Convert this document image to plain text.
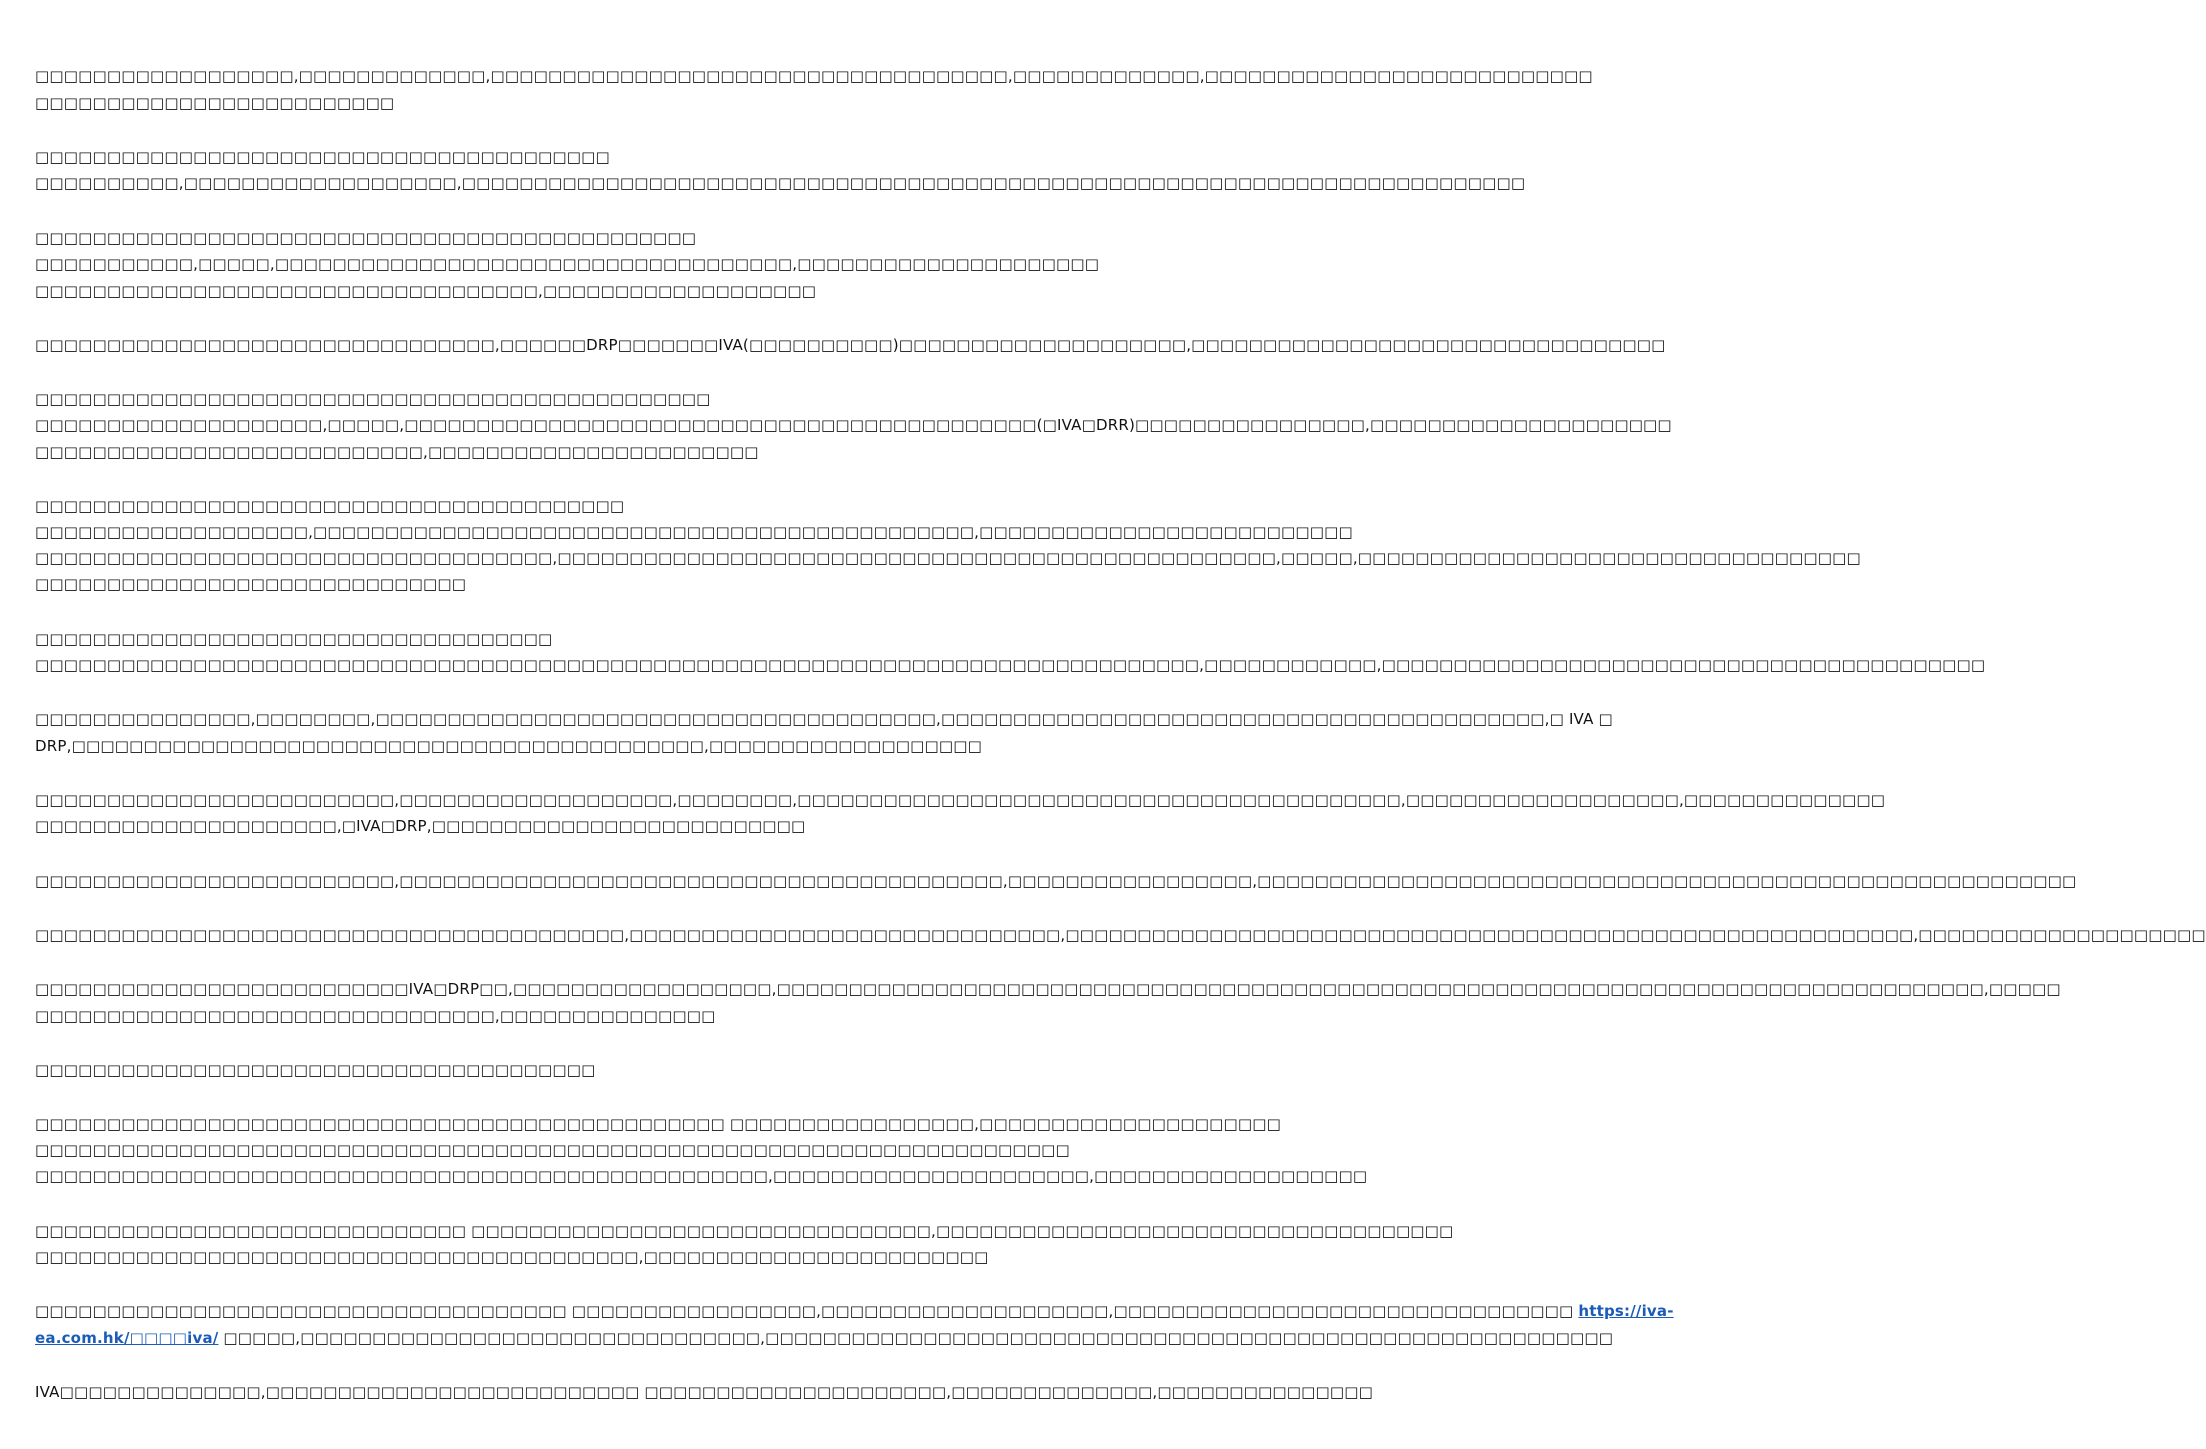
□□□□□□□□□□□□□□□□□□,□□□□□□□□□□□□□,□□□□□□□□□□□□□□□□□□□□□□□□□□□□□□□□□□□□,□□□□□□□□□□□□□,□□□□□□□□□□□□□□□□□□□□□□□□□□□
□□□□□□□□□□□□□□□□□□□□□□□□□
□□□□□□□□□□□□□□□□□□□□□□□□□□□□□□□□□□□□□□□□
□□□□□□□□□□,□□□□□□□□□□□□□□□□□□□,□□□□□□□□□□□□□□□□□□□□□□□□□□□□□□□□□□□□□□□□□□□□□□□□□□□□□□□□□□□□□□□□□□□□□□□□□□
□□□□□□□□□□□□□□□□□□□□□□□□□□□□□□□□□□□□□□□□□□□□□□
□□□□□□□□□□□,□□□□□,□□□□□□□□□□□□□□□□□□□□□□□□□□□□□□□□□□□□,□□□□□□□□□□□□□□□□□□□□□
□□□□□□□□□□□□□□□□□□□□□□□□□□□□□□□□□□□,□□□□□□□□□□□□□□□□□□□
□□□□□□□□□□□□□□□□□□□□□□□□□□□□□□□□,□□□□□□DRP□□□□□□□IVA(□□□□□□□□□□)□□□□□□□□□□□□□□□□□□□□,□□□□□□□□□□□□□□□□□□□□□□□□□□□□□□□□□
□□□□□□□□□□□□□□□□□□□□□□□□□□□□□□□□□□□□□□□□□□□□□□□
□□□□□□□□□□□□□□□□□□□□,□□□□□,□□□□□□□□□□□□□□□□□□□□□□□□□□□□□□□□□□□□□□□□□□□□(□IVA□DRR)□□□□□□□□□□□□□□□□,□□□□□□□□□□□□□□□□□□□□□
□□□□□□□□□□□□□□□□□□□□□□□□□□□,□□□□□□□□□□□□□□□□□□□□□□□
□□□□□□□□□□□□□□□□□□□□□□□□□□□□□□□□□□□□□□□□□
□□□□□□□□□□□□□□□□□□□,□□□□□□□□□□□□□□□□□□□□□□□□□□□□□□□□□□□□□□□□□□□□□□,□□□□□□□□□□□□□□□□□□□□□□□□□□
□□□□□□□□□□□□□□□□□□□□□□□□□□□□□□□□□□□□,□□□□□□□□□□□□□□□□□□□□□□□□□□□□□□□□□□□□□□□□□□□□□□□□□□,□□□□□,□□□□□□□□□□□□□□□□□□□□□□□□□□□□□□□□□□□
□□□□□□□□□□□□□□□□□□□□□□□□□□□□□□
□□□□□□□□□□□□□□□□□□□□□□□□□□□□□□□□□□□□
□□□□□□□□□□□□□□□□□□□□□□□□□□□□□□□□□□□□□□□□□□□□□□□□□□□□□□□□□□□□□□□□□□□□□□□□□□□□□□□□□,□□□□□□□□□□□□,□□□□□□□□□□□□□□□□□□□□□□□□□□□□□□□□□□□□□□□□□□
□□□□□□□□□□□□□□□,□□□□□□□□,□□□□□□□□□□□□□□□□□□□□□□□□□□□□□□□□□□□□□□□,□□□□□□□□□□□□□□□□□□□□□□□□□□□□□□□□□□□□□□□□□□,□ IVA □
DRP,□□□□□□□□□□□□□□□□□□□□□□□□□□□□□□□□□□□□□□□□□□□□,□□□□□□□□□□□□□□□□□□□
□□□□□□□□□□□□□□□□□□□□□□□□□,□□□□□□□□□□□□□□□□□□□,□□□□□□□□,□□□□□□□□□□□□□□□□□□□□□□□□□□□□□□□□□□□□□□□□□□,□□□□□□□□□□□□□□□□□□□,□□□□□□□□□□□□□□
□□□□□□□□□□□□□□□□□□□□□,□IVA□DRP,□□□□□□□□□□□□□□□□□□□□□□□□□□
□□□□□□□□□□□□□□□□□□□□□□□□□,□□□□□□□□□□□□□□□□□□□□□□□□□□□□□□□□□□□□□□□□□□,□□□□□□□□□□□□□□□□□,□□□□□□□□□□□□□□□□□□□□□□□□□□□□□□□□□□□□□□□□□□□□□□□□□□□□□□□□□
□□□□□□□□□□□□□□□□□□□□□□□□□□□□□□□□□□□□□□□□□,□□□□□□□□□□□□□□□□□□□□□□□□□□□□□□,□□□□□□□□□□□□□□□□□□□□□□□□□□□□□□□□□□□□□□□□□□□□□□□□□□□□□□□□□□□,□□□□□□□□□□□□□□□□□□□□
□□□□□□□□□□□□□□□□□□□□□□□□□□IVA□DRP□□,□□□□□□□□□□□□□□□□□□,□□□□□□□□□□□□□□□□□□□□□□□□□□□□□□□□□□□□□□□□□□□□□□□□□□□□□□□□□□□□□□□□□□□□□□□□□□□□□□□□□□□□,□□□□□
□□□□□□□□□□□□□□□□□□□□□□□□□□□□□□□□,□□□□□□□□□□□□□□□
□□□□□□□□□□□□□□□□□□□□□□□□□□□□□□□□□□□□□□□
□□□□□□□□□□□□□□□□□□□□□□□□□□□□□□□□□□□□□□□□□□□□□□□□ □□□□□□□□□□□□□□□□□,□□□□□□□□□□□□□□□□□□□□□
□□□□□□□□□□□□□□□□□□□□□□□□□□□□□□□□□□□□□□□□□□□□□□□□□□□□□□□□□□□□□□□□□□□□□□□□
□□□□□□□□□□□□□□□□□□□□□□□□□□□□□□□□□□□□□□□□□□□□□□□□□□□,□□□□□□□□□□□□□□□□□□□□□□,□□□□□□□□□□□□□□□□□□□
□□□□□□□□□□□□□□□□□□□□□□□□□□□□□□ □□□□□□□□□□□□□□□□□□□□□□□□□□□□□□□□,□□□□□□□□□□□□□□□□□□□□□□□□□□□□□□□□□□□□
□□□□□□□□□□□□□□□□□□□□□□□□□□□□□□□□□□□□□□□□□□,□□□□□□□□□□□□□□□□□□□□□□□□
□□□□□□□□□□□□□□□□□□□□□□□□□□□□□□□□□□□□□ □□□□□□□□□□□□□□□□□,□□□□□□□□□□□□□□□□□□□□,□□□□□□□□□□□□□□□□□□□□□□□□□□□□□□□□ https://iva-
ea.com.hk/□□□□iva/ □□□□□,□□□□□□□□□□□□□□□□□□□□□□□□□□□□□□□□,□□□□□□□□□□□□□□□□□□□□□□□□□□□□□□□□□□□□□□□□□□□□□□□□□□□□□□□□□□□
IVA□□□□□□□□□□□□□□,□□□□□□□□□□□□□□□□□□□□□□□□□□ □□□□□□□□□□□□□□□□□□□□□,□□□□□□□□□□□□□□,□□□□□□□□□□□□□□□
